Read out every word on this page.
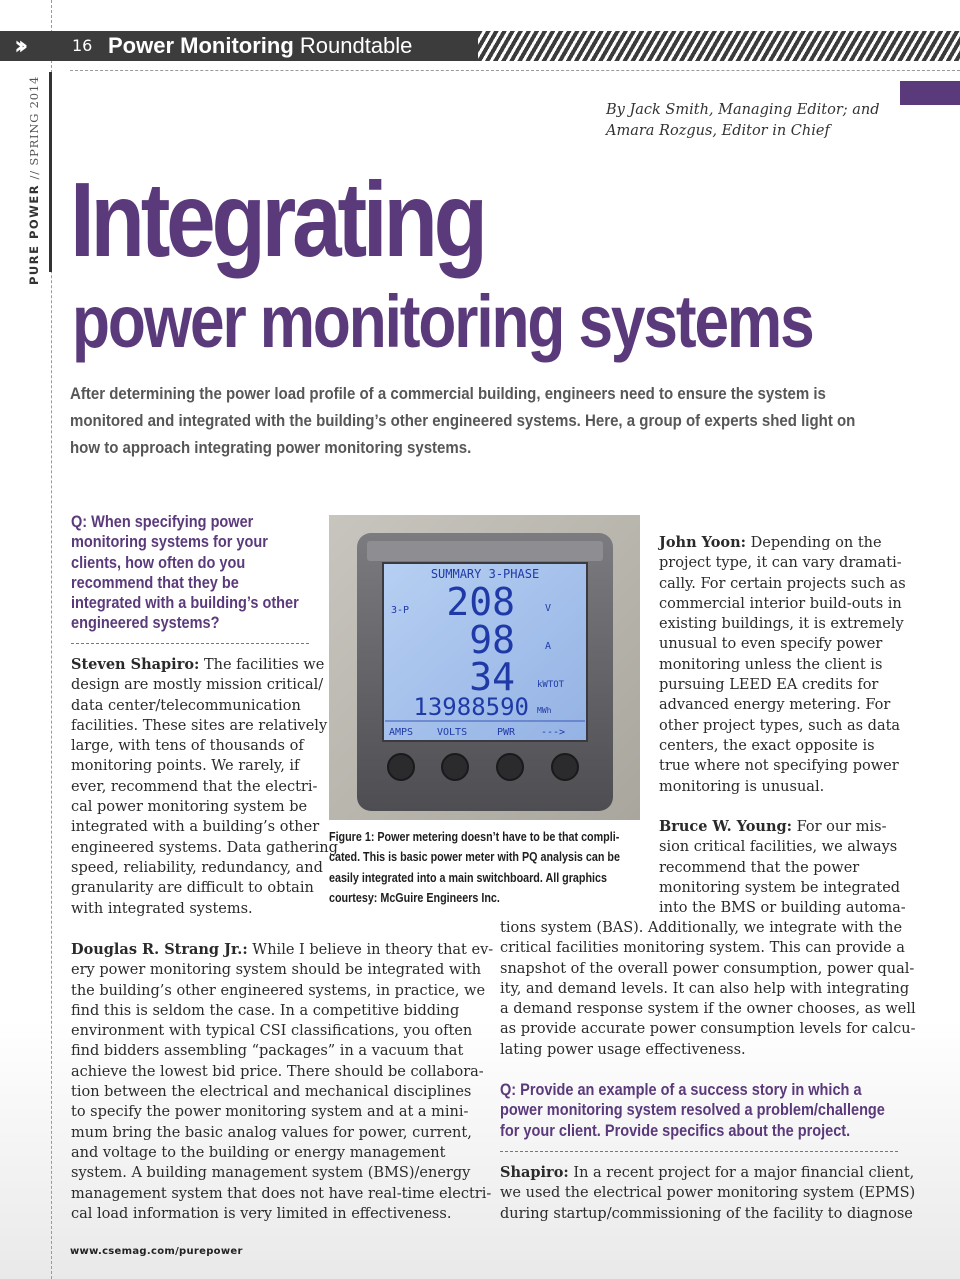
PURE POWER // SPRING 2014
››	16 Power Monitoring Roundtable
By Jack Smith, Managing Editor; and
Amara Rozgus, Editor in Chief
Integrating
power monitoring systems
After determining the power load profile of a commercial building, engineers need to ensure the system is
monitored and integrated with the building’s other engineered systems. Here, a group of experts shed light on
how to approach integrating power monitoring systems.
Q: When specifying power
monitoring systems for your
clients, how often do you
recommend that they be
integrated with a building’s other
engineered systems?
Steven Shapiro: The facilities we
design are mostly mission critical/
data center/telecommunication
facilities. These sites are relatively
large, with tens of thousands of
monitoring points. We rarely, if
ever, recommend that the electri-
cal power monitoring system be
integrated with a building’s other
engineered systems. Data gathering
speed, reliability, redundancy, and
granularity are difficult to obtain
with integrated systems.
Douglas R. Strang Jr.: While I believe in theory that ev-
ery power monitoring system should be integrated with
the building’s other engineered systems, in practice, we
find this is seldom the case. In a competitive bidding
environment with typical CSI classifications, you often
find bidders assembling “packages” in a vacuum that
achieve the lowest bid price. There should be collabora-
tion between the electrical and mechanical disciplines
to specify the power monitoring system and at a mini-
mum bring the basic analog values for power, current,
and voltage to the building or energy management
system. A building management system (BMS)/energy
management system that does not have real-time electri-
cal load information is very limited in effectiveness.
SUMMARY 3-PHASE
3-P 208	V
98	A
34 kWTOT
13988590 MWh
AMPS VOLTS	PWR	--->
Figure 1: Power metering doesn’t have to be that compli-
cated. This is basic power meter with PQ analysis can be
easily integrated into a main switchboard. All graphics
courtesy: McGuire Engineers Inc.
John Yoon: Depending on the
project type, it can vary dramati-
cally. For certain projects such as
commercial interior build-outs in
existing buildings, it is extremely
unusual to even specify power
monitoring unless the client is
pursuing LEED EA credits for
advanced energy metering. For
other project types, such as data
centers, the exact opposite is
true where not specifying power
monitoring is unusual.
Bruce W. Young: For our mis-
sion critical facilities, we always
recommend that the power
monitoring system be integrated
into the BMS or building automa-
tions system (BAS). Additionally, we integrate with the
critical facilities monitoring system. This can provide a
snapshot of the overall power consumption, power qual-
ity, and demand levels. It can also help with integrating
a demand response system if the owner chooses, as well
as provide accurate power consumption levels for calcu-
lating power usage effectiveness.
Q: Provide an example of a success story in which a
power monitoring system resolved a problem/challenge
for your client. Provide specifics about the project.
Shapiro: In a recent project for a major financial client,
we used the electrical power monitoring system (EPMS)
during startup/commissioning of the facility to diagnose
www.csemag.com/purepower
